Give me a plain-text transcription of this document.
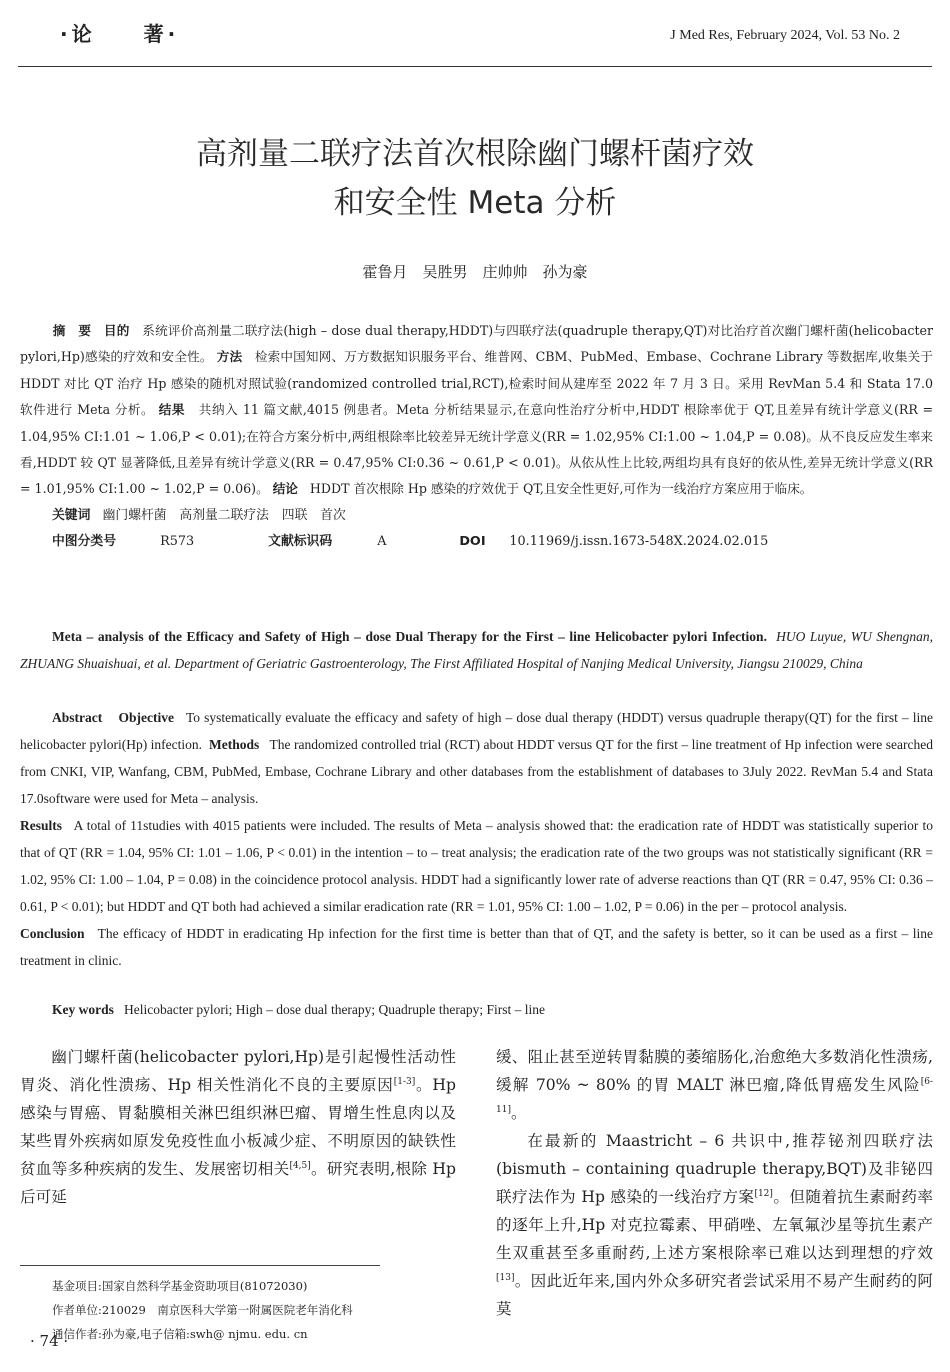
·论　　著·	J Med Res, February 2024, Vol. 53 No. 2
高剂量二联疗法首次根除幽门螺杆菌疗效
和安全性 Meta 分析
霍鲁月　吴胜男　庄帅帅　孙为豪
摘　要 目的 系统评价高剂量二联疗法(high – dose dual therapy,HDDT)与四联疗法(quadruple therapy,QT)对比治疗首次幽门螺杆菌(helicobacter pylori,Hp)感染的疗效和安全性。 方法 检索中国知网、万方数据知识服务平台、维普网、CBM、PubMed、Embase、Cochrane Library 等数据库,收集关于 HDDT 对比 QT 治疗 Hp 感染的随机对照试验(randomized controlled trial,RCT),检索时间从建库至 2022 年 7 月 3 日。采用 RevMan 5.4 和 Stata 17.0 软件进行 Meta 分析。 结果 共纳入 11 篇文献,4015 例患者。Meta 分析结果显示,在意向性治疗分析中,HDDT 根除率优于 QT,且差异有统计学意义(RR = 1.04,95% CI:1.01 ~ 1.06,P < 0.01);在符合方案分析中,两组根除率比较差异无统计学意义(RR = 1.02,95% CI:1.00 ~ 1.04,P = 0.08)。从不良反应发生率来看,HDDT 较 QT 显著降低,且差异有统计学意义(RR = 0.47,95% CI:0.36 ~ 0.61,P < 0.01)。从依从性上比较,两组均具有良好的依从性,差异无统计学意义(RR = 1.01,95% CI:1.00 ~ 1.02,P = 0.06)。 结论 HDDT 首次根除 Hp 感染的疗效优于 QT,且安全性更好,可作为一线治疗方案应用于临床。
关键词 幽门螺杆菌　高剂量二联疗法　四联　首次
中图分类号	R573	文献标识码	A	DOI 10.11969/j.issn.1673-548X.2024.02.015
Meta – analysis of the Efficacy and Safety of High – dose Dual Therapy for the First – line Helicobacter pylori Infection. HUO Luyue, WU Shengnan, ZHUANG Shuaishuai, et al. Department of Geriatric Gastroenterology, The First Affiliated Hospital of Nanjing Medical University, Jiangsu 210029, China
Abstract Objective To systematically evaluate the efficacy and safety of high – dose dual therapy (HDDT) versus quadruple therapy(QT) for the first – line helicobacter pylori(Hp) infection. Methods The randomized controlled trial (RCT) about HDDT versus QT for the first – line treatment of Hp infection were searched from CNKI, VIP, Wanfang, CBM, PubMed, Embase, Cochrane Library and other databases from the establishment of databases to 3July 2022. RevMan 5.4 and Stata 17.0software were used for Meta – analysis.
Results A total of 11studies with 4015 patients were included. The results of Meta – analysis showed that: the eradication rate of HDDT was statistically superior to that of QT (RR = 1.04, 95% CI: 1.01 – 1.06, P < 0.01) in the intention – to – treat analysis; the eradication rate of the two groups was not statistically significant (RR = 1.02, 95% CI: 1.00 – 1.04, P = 0.08) in the coincidence protocol analysis. HDDT had a significantly lower rate of adverse reactions than QT (RR = 0.47, 95% CI: 0.36 – 0.61, P < 0.01); but HDDT and QT both had achieved a similar eradication rate (RR = 1.01, 95% CI: 1.00 – 1.02, P = 0.06) in the per – protocol analysis.
Conclusion The efficacy of HDDT in eradicating Hp infection for the first time is better than that of QT, and the safety is better, so it can be used as a first – line treatment in clinic.
Key words Helicobacter pylori; High – dose dual therapy; Quadruple therapy; First – line
幽门螺杆菌(helicobacter pylori,Hp)是引起慢性活动性胃炎、消化性溃疡、Hp 相关性消化不良的主要原因[1-3]。Hp 感染与胃癌、胃黏膜相关淋巴组织淋巴瘤、胃增生性息肉以及某些胃外疾病如原发免疫性血小板减少症、不明原因的缺铁性贫血等多种疾病的发生、发展密切相关[4,5]。研究表明,根除 Hp 后可延

缓、阻止甚至逆转胃黏膜的萎缩肠化,治愈绝大多数消化性溃疡,缓解 70% ~ 80% 的胃 MALT 淋巴瘤,降低胃癌发生风险[6-11]。

在最新的 Maastricht – 6 共识中,推荐铋剂四联疗法(bismuth – containing quadruple therapy,BQT)及非铋四联疗法作为 Hp 感染的一线治疗方案[12]。但随着抗生素耐药率的逐年上升,Hp 对克拉霉素、甲硝唑、左氧氟沙星等抗生素产生双重甚至多重耐药,上述方案根除率已难以达到理想的疗效[13]。因此近年来,国内外众多研究者尝试采用不易产生耐药的阿莫

基金项目:国家自然科学基金资助项目(81072030)
作者单位:210029　南京医科大学第一附属医院老年消化科
通信作者:孙为豪,电子信箱:swh@ njmu. edu. cn
· 74 ·
